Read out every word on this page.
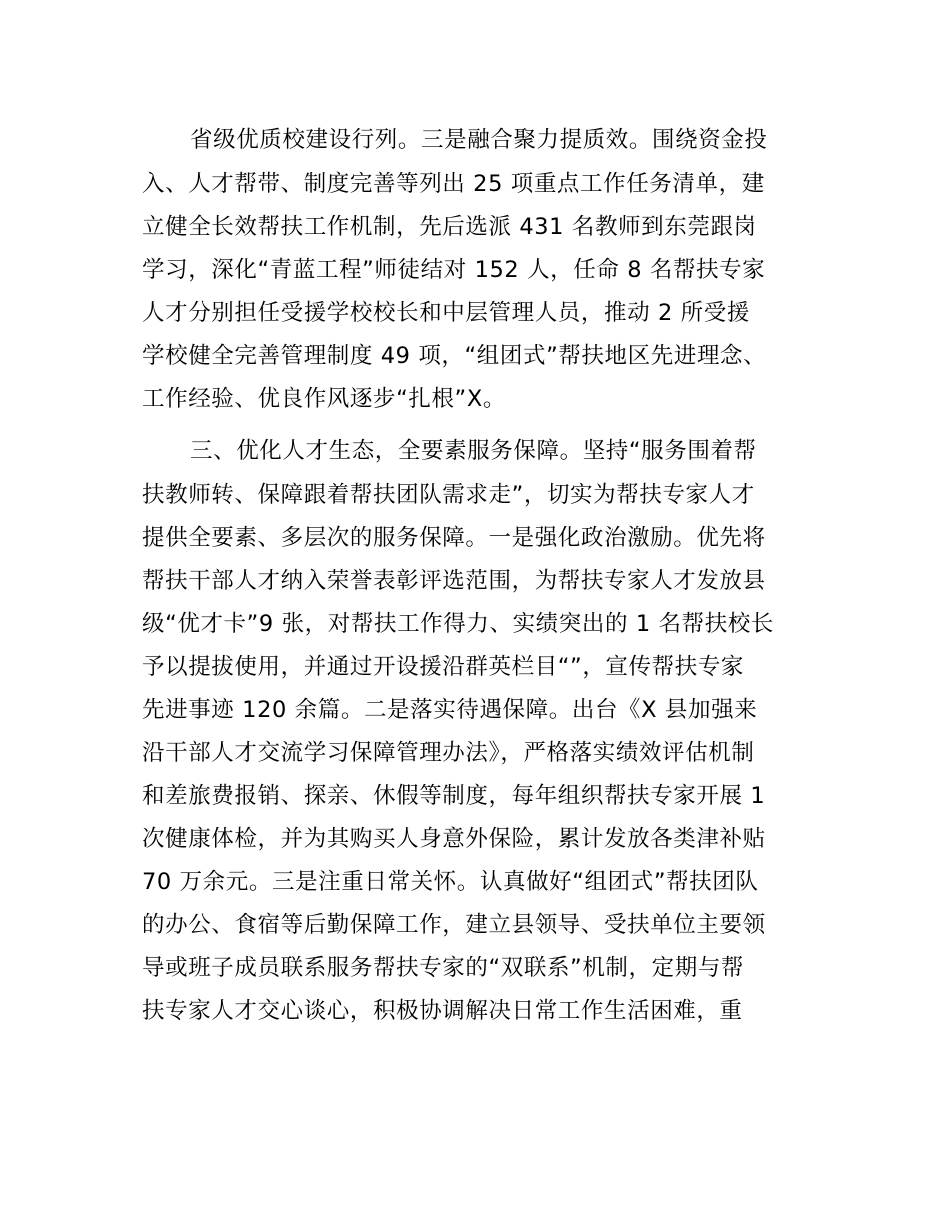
省级优质校建设行列。三是融合聚力提质效。围绕资金投
入、人才帮带、制度完善等列出 25 项重点工作任务清单，建
立健全长效帮扶工作机制，先后选派 431 名教师到东莞跟岗
学习，深化“青蓝工程”师徒结对 152 人，任命 8 名帮扶专家
人才分别担任受援学校校长和中层管理人员，推动 2 所受援
学校健全完善管理制度 49 项，“组团式”帮扶地区先进理念、
工作经验、优良作风逐步“扎根”X。
三、优化人才生态，全要素服务保障。坚持“服务围着帮
扶教师转、保障跟着帮扶团队需求走”，切实为帮扶专家人才
提供全要素、多层次的服务保障。一是强化政治激励。优先将
帮扶干部人才纳入荣誉表彰评选范围，为帮扶专家人才发放县
级“优才卡”9 张，对帮扶工作得力、实绩突出的 1 名帮扶校长
予以提拔使用，并通过开设援沿群英栏目“”，宣传帮扶专家
先进事迹 120 余篇。二是落实待遇保障。出台《X 县加强来
沿干部人才交流学习保障管理办法》，严格落实绩效评估机制
和差旅费报销、探亲、休假等制度，每年组织帮扶专家开展 1
次健康体检，并为其购买人身意外保险，累计发放各类津补贴
70 万余元。三是注重日常关怀。认真做好“组团式”帮扶团队
的办公、食宿等后勤保障工作，建立县领导、受扶单位主要领
导或班子成员联系服务帮扶专家的“双联系”机制，定期与帮
扶专家人才交心谈心，积极协调解决日常工作生活困难，重
